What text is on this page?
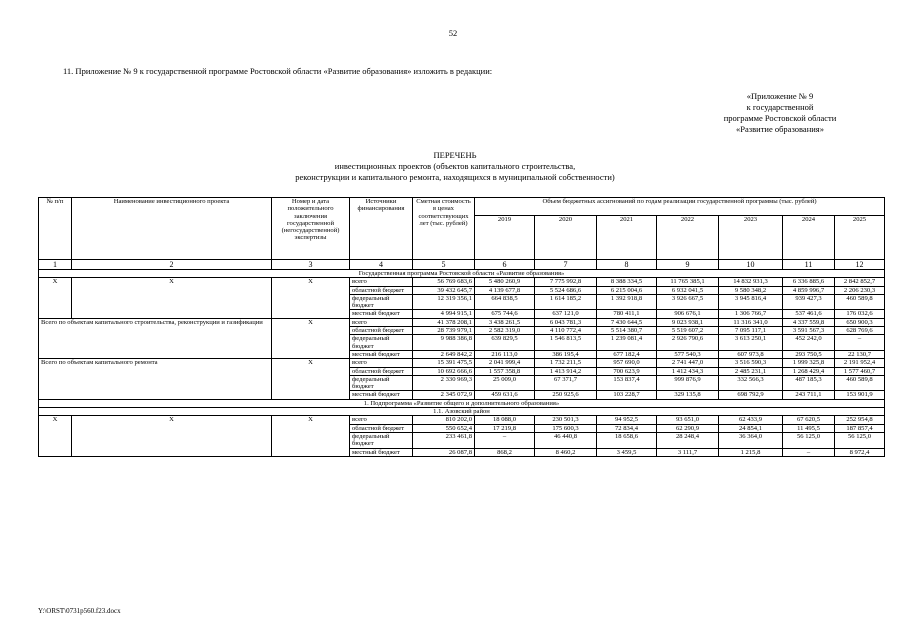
52
11. Приложение № 9 к государственной программе Ростовской области «Развитие образования» изложить в редакции:
«Приложение № 9
к государственной
программе Ростовской области
«Развитие образования»
ПЕРЕЧЕНЬ
инвестиционных проектов (объектов капитального строительства,
реконструкции и капитального ремонта, находящихся в муниципальной собственности)
№ п/п	Наименование инвестиционного проекта	Номер и дата положительного заключения государственной (негосударственной) экспертизы	Источники финансирования	Сметная стоимость в ценах соответствующих лет (тыс. рублей)	Объем бюджетных ассигнований по годам реализации государственной программы (тыс. рублей)						
					2019	2020	2021	2022	2023	2024	2025
1	2	3	4	5	6	7	8	9	10	11	12
Государственная программа Ростовской области «Развитие образования»											
X	X	X	всего	56 769 683,6	5 480 260,9	7 775 992,8	8 388 334,5	11 765 385,1	14 832 931,3	6 336 885,6	2 842 852,7
			областной бюджет	39 432 645,7	4 139 677,8	5 524 686,6	6 215 004,6	6 932 041,5	9 580 348,2	4 859 996,7	2 206 230,3
			федеральный бюджет	12 319 356,1	664 838,5	1 614 185,2	1 392 918,8	3 926 667,5	3 945 816,4	939 427,3	460 589,8
			местный бюджет	4 994 915,1	675 744,6	637 121,0	780 411,1	906 676,1	1 306 766,7	537 461,6	176 032,6
Всего по объектам капитального строительства, реконструкции и газификации		X	всего	41 378 208,1	3 438 261,5	6 043 781,3	7 430 644,5	9 023 938,1	11 316 341,0	4 337 559,8	650 900,3
			областной бюджет	28 739 979,1	2 582 319,0	4 110 772,4	5 514 380,7	5 519 607,2	7 095 117,1	3 591 567,3	628 769,6
			федеральный бюджет	9 988 386,8	639 829,5	1 546 813,5	1 239 081,4	2 926 790,6	3 613 250,1	452 242,0	–
			местный бюджет	2 649 842,2	216 113,0	386 195,4	677 182,4	577 540,3	607 973,8	293 750,5	22 130,7
Всего по объектам капитального ремонта		X	всего	15 391 475,5	2 041 999,4	1 732 211,5	957 690,0	2 741 447,0	3 516 590,3	1 999 325,8	2 191 952,4
			областной бюджет	10 692 666,6	1 557 358,8	1 413 914,2	700 623,9	1 412 434,3	2 485 231,1	1 268 429,4	1 577 460,7
			федеральный бюджет	2 330 969,3	25 009,0	67 371,7	153 837,4	999 876,9	332 566,3	487 185,3	460 589,8
			местный бюджет	2 345 072,9	459 631,6	250 925,6	103 228,7	329 135,8	698 792,9	243 711,1	153 901,9
1. Подпрограмма «Развитие общего и дополнительного образования»											
1.1. Азовский район											
X	X	X	всего	810 202,0	18 088,0	230 501,3	94 952,5	93 651,0	62 433,9	67 620,5	252 954,8
			областной бюджет	550 652,4	17 219,8	175 600,3	72 834,4	62 290,9	24 854,1	11 495,5	187 857,4
			федеральный бюджет	233 461,8	–	46 440,8	18 658,6	28 248,4	36 364,0	56 125,0	56 125,0
			местный бюджет	26 087,8	868,2	8 460,2	3 459,5	3 111,7	1 215,8	–	8 972,4
Y:\ORST\0731p560.f23.docx
